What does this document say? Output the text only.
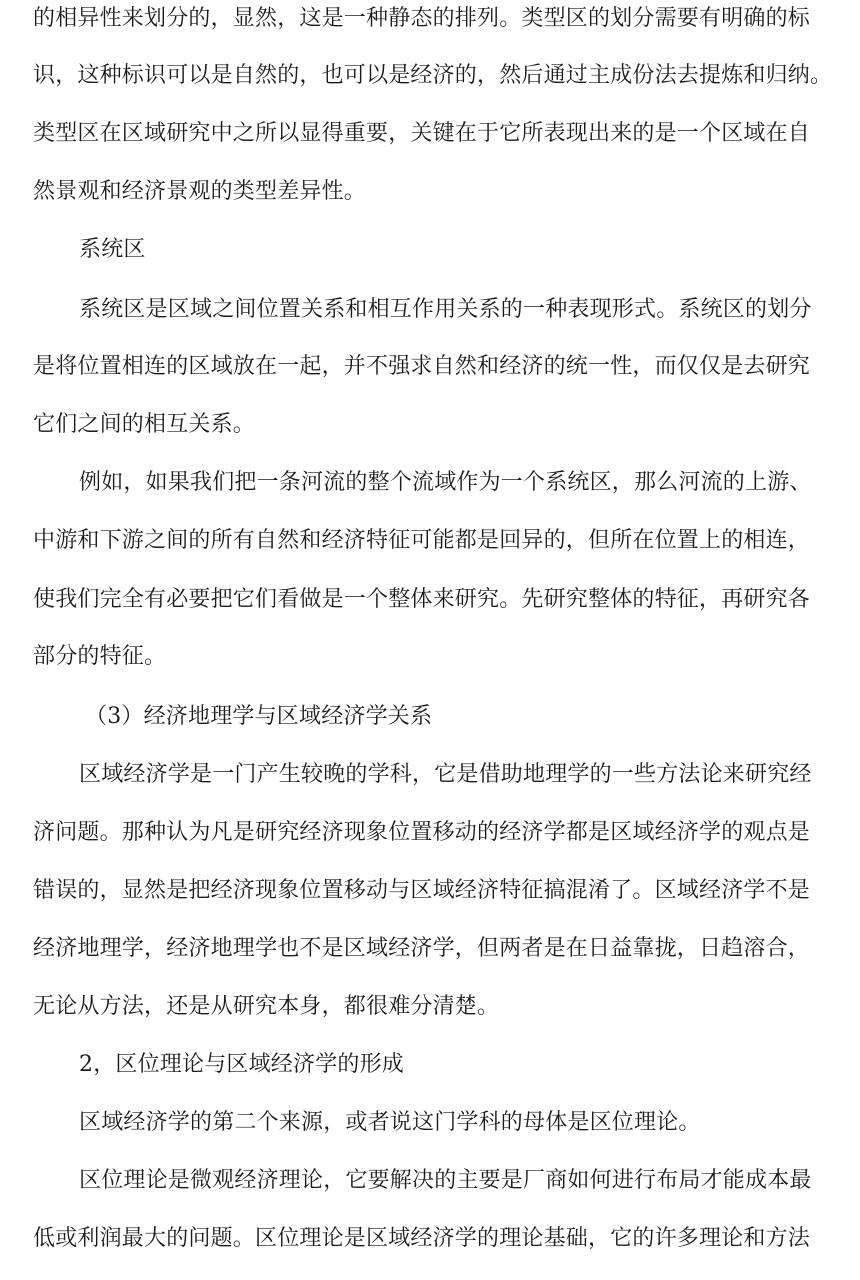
的相异性来划分的，显然，这是一种静态的排列。类型区的划分需要有明确的标
识，这种标识可以是自然的，也可以是经济的，然后通过主成份法去提炼和归纳。
类型区在区域研究中之所以显得重要，关键在于它所表现出来的是一个区域在自
然景观和经济景观的类型差异性。
系统区
系统区是区域之间位置关系和相互作用关系的一种表现形式。系统区的划分
是将位置相连的区域放在一起，并不强求自然和经济的统一性，而仅仅是去研究
它们之间的相互关系。
例如，如果我们把一条河流的整个流域作为一个系统区，那么河流的上游、
中游和下游之间的所有自然和经济特征可能都是回异的，但所在位置上的相连，
使我们完全有必要把它们看做是一个整体来研究。先研究整体的特征，再研究各
部分的特征。
（3）经济地理学与区域经济学关系
区域经济学是一门产生较晚的学科，它是借助地理学的一些方法论来研究经
济问题。那种认为凡是研究经济现象位置移动的经济学都是区域经济学的观点是
错误的，显然是把经济现象位置移动与区域经济特征搞混淆了。区域经济学不是
经济地理学，经济地理学也不是区域经济学，但两者是在日益靠拢，日趋溶合，
无论从方法，还是从研究本身，都很难分清楚。
2，区位理论与区域经济学的形成
区域经济学的第二个来源，或者说这门学科的母体是区位理论。
区位理论是微观经济理论，它要解决的主要是厂商如何进行布局才能成本最
低或利润最大的问题。区位理论是区域经济学的理论基础，它的许多理论和方法
